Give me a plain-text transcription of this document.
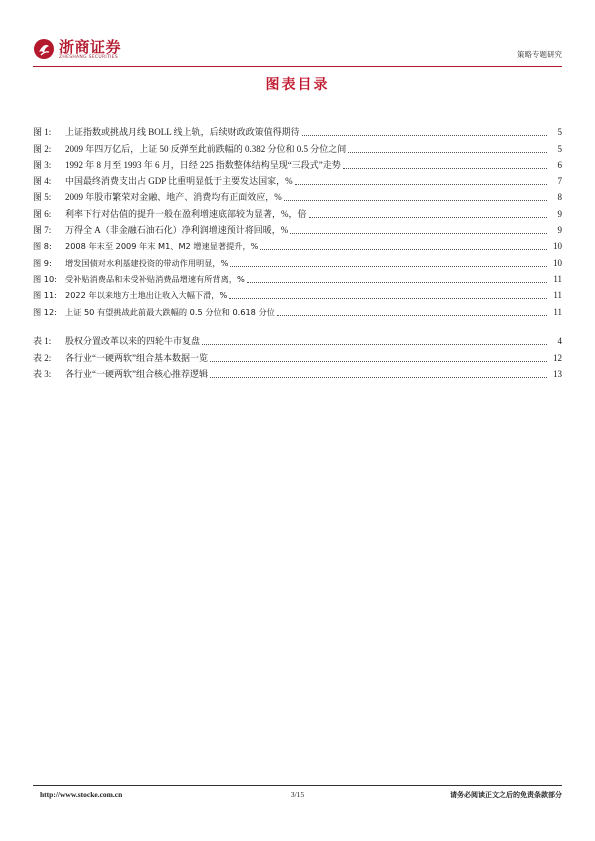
浙商证券
ZHESHANG SECURITIES	策略专题研究
图表目录
图 1:	上证指数或挑战月线 BOLL 线上轨，后续财政政策值得期待	5
图 2:	2009 年四万亿后，上证 50 反弹至此前跌幅的 0.382 分位和 0.5 分位之间	5
图 3:	1992 年 8 月至 1993 年 6 月，日经 225 指数整体结构呈现“三段式”走势	6
图 4:	中国最终消费支出占 GDP 比重明显低于主要发达国家，%	7
图 5:	2009 年股市繁荣对金融、地产、消费均有正面效应，%	8
图 6:	利率下行对估值的提升一般在盈利增速底部较为显著，%，倍	9
图 7:	万得全 A（非金融石油石化）净利润增速预计将回暖，%	9
图 8:	2008 年末至 2009 年末 M1、M2 增速显著提升，%	10
图 9:	增发国债对水利基建投资的带动作用明显，%	10
图 10: 受补贴消费品和未受补贴消费品增速有所背离，%	11
图 11: 2022 年以来地方土地出让收入大幅下滑，%	11
图 12: 上证 50 有望挑战此前最大跌幅的 0.5 分位和 0.618 分位	11
表 1:	股权分置改革以来的四轮牛市复盘	4
表 2:	各行业“一硬两软”组合基本数据一览	12
表 3:	各行业“一硬两软”组合核心推荐逻辑	13
http://www.stocke.com.cn	3/15	请务必阅读正文之后的免责条款部分
